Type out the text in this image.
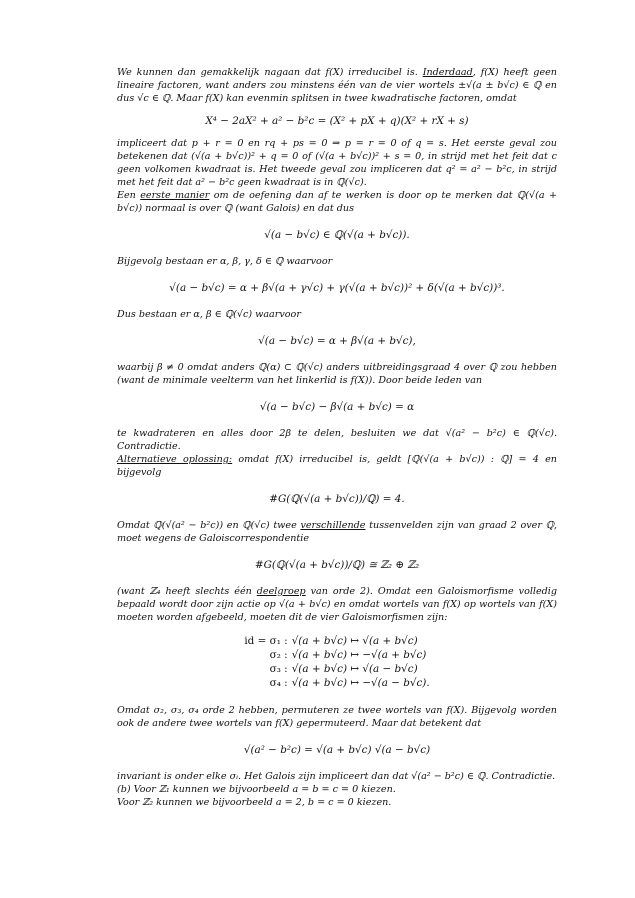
We kunnen dan gemakkelijk nagaan dat f(X) irreducibel is. Inderdaad, f(X) heeft geen lineaire factoren, want anders zou minstens één van de vier wortels ±√(a ± b√c) ∈ ℚ en dus √c ∈ ℚ. Maar f(X) kan evenmin splitsen in twee kwadratische factoren, omdat

X⁴ − 2aX² + a² − b²c = (X² + pX + q)(X² + rX + s)

impliceert dat p + r = 0 en rq + ps = 0 ⇒ p = r = 0 of q = s. Het eerste geval zou betekenen dat (√(a + b√c))² + q = 0 of (√(a + b√c))² + s = 0, in strijd met het feit dat c geen volkomen kwadraat is. Het tweede geval zou impliceren dat q² = a² − b²c, in strijd met het feit dat a² − b²c geen kwadraat is in ℚ(√c).

Een eerste manier om de oefening dan af te werken is door op te merken dat ℚ(√(a + b√c)) normaal is over ℚ (want Galois) en dat dus

√(a − b√c) ∈ ℚ(√(a + b√c)).

Bijgevolg bestaan er α, β, γ, δ ∈ ℚ waarvoor

√(a − b√c) = α + β√(a + γ√c) + γ(√(a + b√c))² + δ(√(a + b√c))³.

Dus bestaan er α, β ∈ ℚ(√c) waarvoor

√(a − b√c) = α + β√(a + b√c),

waarbij β ≠ 0 omdat anders ℚ(α) ⊂ ℚ(√c) anders uitbreidingsgraad 4 over ℚ zou hebben (want de minimale veelterm van het linkerlid is f(X)). Door beide leden van

√(a − b√c) − β√(a + b√c) = α

te kwadrateren en alles door 2β te delen, besluiten we dat √(a² − b²c) ∈ ℚ(√c). Contradictie.

Alternatieve oplossing: omdat f(X) irreducibel is, geldt [ℚ(√(a + b√c)) : ℚ] = 4 en bijgevolg

#G(ℚ(√(a + b√c))/ℚ) = 4.

Omdat ℚ(√(a² − b²c)) en ℚ(√c) twee verschillende tussenvelden zijn van graad 2 over ℚ, moet wegens de Galoiscorrespondentie

#G(ℚ(√(a + b√c))/ℚ) ≅ ℤ₂ ⊕ ℤ₂

(want ℤ₄ heeft slechts één deelgroep van orde 2). Omdat een Galoismorfisme volledig bepaald wordt door zijn actie op √(a + b√c) en omdat wortels van f(X) op wortels van f(X) moeten worden afgebeeld, moeten dit de vier Galoismorfismen zijn:

id = σ₁ :	√(a + b√c) ↦ √(a + b√c)
σ₂ :	√(a + b√c) ↦ −√(a + b√c)
σ₃ :	√(a + b√c) ↦ √(a − b√c)
σ₄ :	√(a + b√c) ↦ −√(a − b√c).

Omdat σ₂, σ₃, σ₄ orde 2 hebben, permuteren ze twee wortels van f(X). Bijgevolg worden ook de andere twee wortels van f(X) gepermuteerd. Maar dat betekent dat

√(a² − b²c) = √(a + b√c) √(a − b√c)

invariant is onder elke σᵢ. Het Galois zijn impliceert dan dat √(a² − b²c) ∈ ℚ. Contradictie.

(b) Voor ℤ₁ kunnen we bijvoorbeeld a = b = c = 0 kiezen.

Voor ℤ₂ kunnen we bijvoorbeeld a = 2, b = c = 0 kiezen.
